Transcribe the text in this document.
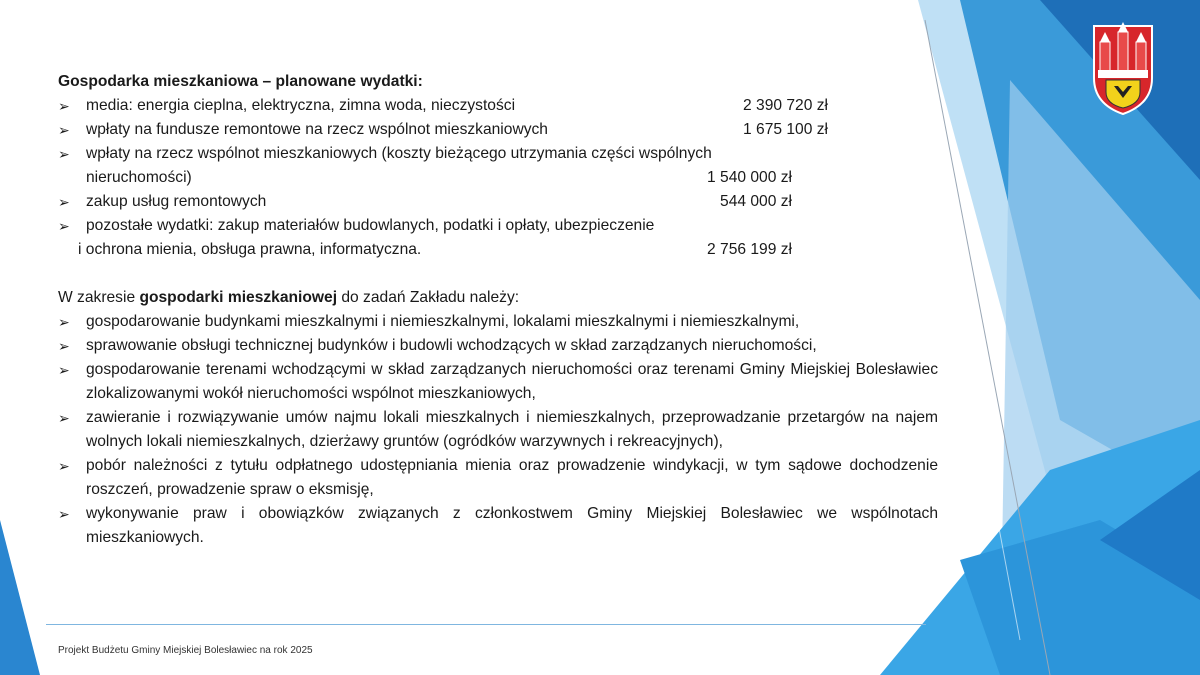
Gospodarka mieszkaniowa – planowane wydatki:
➢ media: energia cieplna, elektryczna, zimna woda, nieczystości	2 390 720 zł
➢ wpłaty na fundusze remontowe na rzecz wspólnot mieszkaniowych	1 675 100 zł
➢ wpłaty na rzecz wspólnot mieszkaniowych (koszty bieżącego utrzymania części wspólnych
nieruchomości)	1 540 000 zł
➢ zakup usług remontowych	544 000 zł
➢ pozostałe wydatki: zakup materiałów budowlanych, podatki i opłaty, ubezpieczenie
i ochrona mienia, obsługa prawna, informatyczna.	2 756 199 zł
W zakresie gospodarki mieszkaniowej do zadań Zakładu należy:
➢ gospodarowanie budynkami mieszkalnymi i niemieszkalnymi, lokalami mieszkalnymi i niemieszkalnymi,
➢ sprawowanie obsługi technicznej budynków i budowli wchodzących w skład zarządzanych nieruchomości,
➢ gospodarowanie terenami wchodzącymi w skład zarządzanych nieruchomości oraz terenami Gminy Miejskiej Bolesławiec zlokalizowanymi wokół nieruchomości wspólnot mieszkaniowych,
➢ zawieranie i rozwiązywanie umów najmu lokali mieszkalnych i niemieszkalnych, przeprowadzanie przetargów na najem wolnych lokali niemieszkalnych, dzierżawy gruntów (ogródków warzywnych i rekreacyjnych),
➢ pobór należności z tytułu odpłatnego udostępniania mienia oraz prowadzenie windykacji, w tym sądowe dochodzenie roszczeń, prowadzenie spraw o eksmisję,
➢ wykonywanie praw i obowiązków związanych z członkostwem Gminy Miejskiej Bolesławiec we wspólnotach mieszkaniowych.
Projekt Budżetu Gminy Miejskiej Bolesławiec na rok 2025
